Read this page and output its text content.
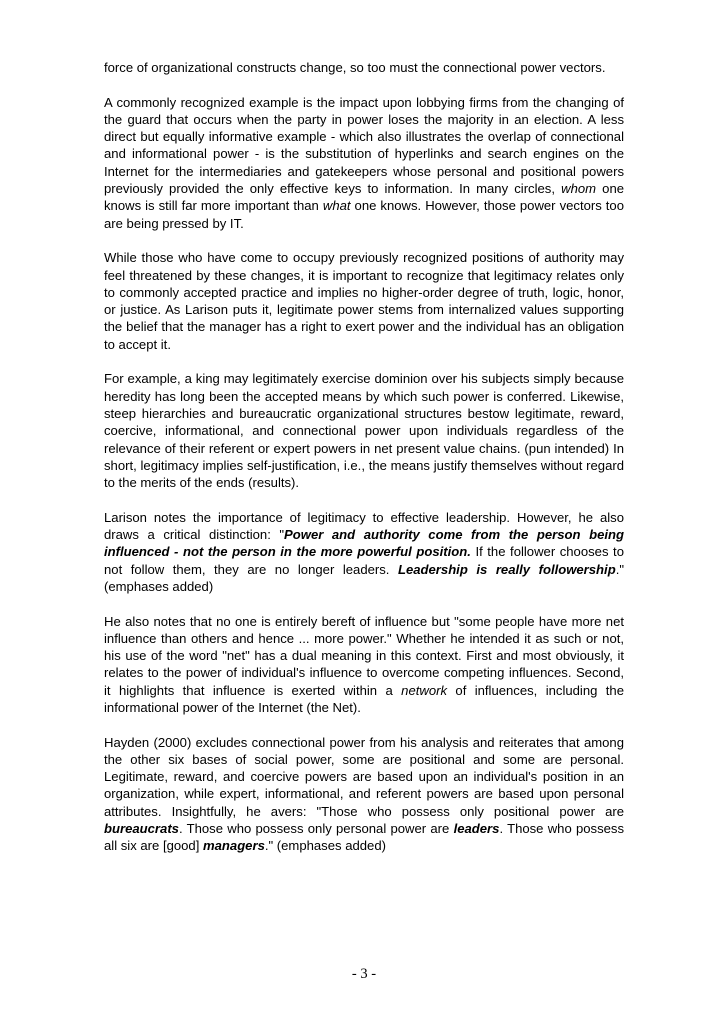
force of organizational constructs change, so too must the connectional power vectors.

A commonly recognized example is the impact upon lobbying firms from the changing of the guard that occurs when the party in power loses the majority in an election. A less direct but equally informative example - which also illustrates the overlap of connectional and informational power - is the substitution of hyperlinks and search engines on the Internet for the intermediaries and gatekeepers whose personal and positional powers previously provided the only effective keys to information. In many circles, whom one knows is still far more important than what one knows. However, those power vectors too are being pressed by IT.

While those who have come to occupy previously recognized positions of authority may feel threatened by these changes, it is important to recognize that legitimacy relates only to commonly accepted practice and implies no higher-order degree of truth, logic, honor, or justice. As Larison puts it, legitimate power stems from internalized values supporting the belief that the manager has a right to exert power and the individual has an obligation to accept it.

For example, a king may legitimately exercise dominion over his subjects simply because heredity has long been the accepted means by which such power is conferred. Likewise, steep hierarchies and bureaucratic organizational structures bestow legitimate, reward, coercive, informational, and connectional power upon individuals regardless of the relevance of their referent or expert powers in net present value chains. (pun intended) In short, legitimacy implies self-justification, i.e., the means justify themselves without regard to the merits of the ends (results).

Larison notes the importance of legitimacy to effective leadership. However, he also draws a critical distinction: "Power and authority come from the person being influenced - not the person in the more powerful position. If the follower chooses to not follow them, they are no longer leaders. Leadership is really followership." (emphases added)

He also notes that no one is entirely bereft of influence but "some people have more net influence than others and hence ... more power." Whether he intended it as such or not, his use of the word "net" has a dual meaning in this context. First and most obviously, it relates to the power of individual's influence to overcome competing influences. Second, it highlights that influence is exerted within a network of influences, including the informational power of the Internet (the Net).

Hayden (2000) excludes connectional power from his analysis and reiterates that among the other six bases of social power, some are positional and some are personal. Legitimate, reward, and coercive powers are based upon an individual's position in an organization, while expert, informational, and referent powers are based upon personal attributes. Insightfully, he avers: "Those who possess only positional power are bureaucrats. Those who possess only personal power are leaders. Those who possess all six are [good] managers." (emphases added)

- 3 -
